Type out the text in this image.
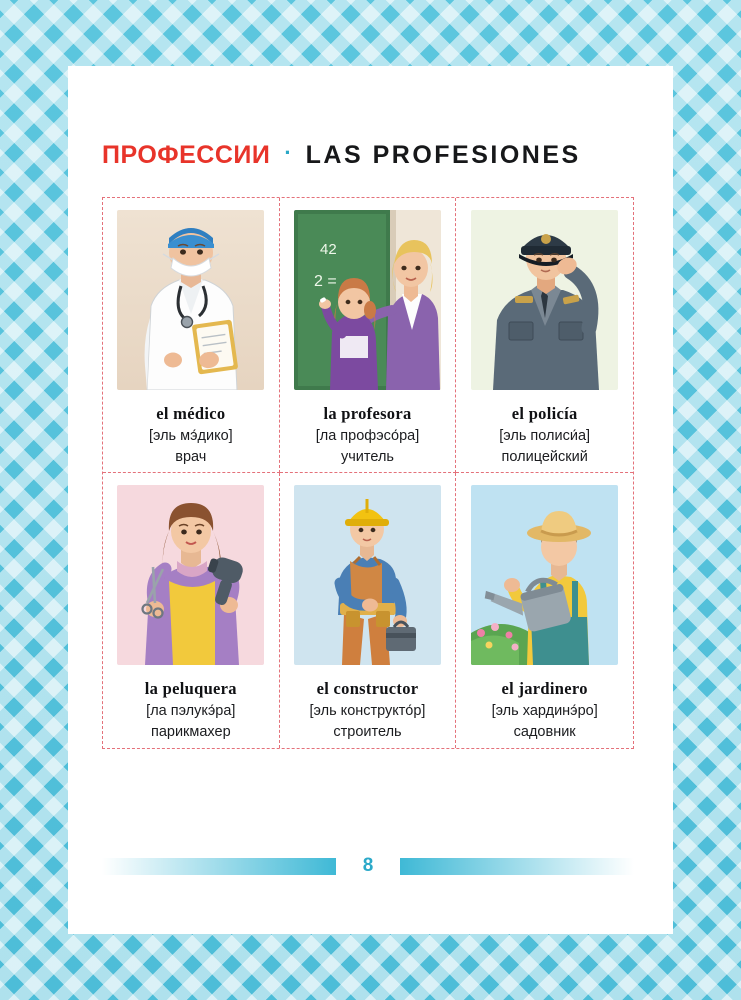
ПРОФЕССИИ · LAS PROFESIONES
el médico
[эль мэ́дико]
врач
42
2 =
la profesora
[ла профэсо́ра]
учитель
el policía
[эль полиси́а]
полицейский
la peluquera
[ла пэлукэ́ра]
парикмахер
el constructor
[эль конструкто́р]
строитель
el jardinero
[эль хардинэ́ро]
садовник
8
